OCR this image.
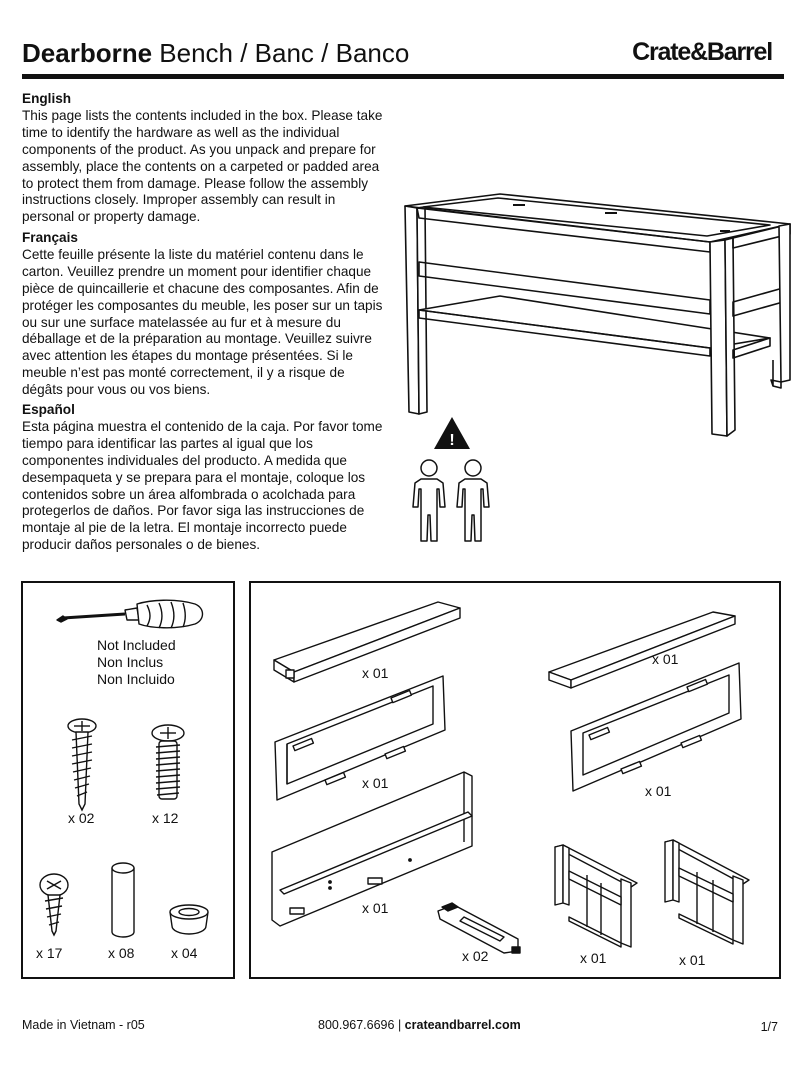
Dearborne Bench / Banc / Banco	Crate&Barrel
English

This page lists the contents included in the box. Please take time to identify the hardware as well as the individual components of the product. As you unpack and prepare for assembly, place the contents on a carpeted or padded area to protect them from damage. Please follow the assembly instructions closely. Improper assembly can result in personal or property damage.

Français

Cette feuille présente la liste du matériel contenu dans le carton. Veuillez prendre un moment pour identifier chaque pièce de quincaillerie et chacune des composantes. Afin de protéger les composantes du meuble, les poser sur un tapis ou sur une surface matelassée au fur et à mesure du déballage et de la préparation au montage. Veuillez suivre avec attention les étapes du montage présentées. Si le meuble n’est pas monté correctement, il y a risque de dégâts pour vous ou vos biens.

Español

Esta página muestra el contenido de la caja. Por favor tome tiempo para identificar las partes al igual que los componentes individuales del producto. A medida que desempaqueta y se prepara para el montaje, coloque los contenidos sobre un área alfombrada o acolchada para protegerlos de daños. Por favor siga las instrucciones de montaje al pie de la letra. El montaje incorrecto puede producir daños personales o de bienes.

!
Not Included
Non Inclus
Non Incluido
x 02	x 12
x 17	x 08	x 04
x 01
x 01
x 01	x 01
x 01
x 02	x 01	x 01
Made in Vietnam - r05	800.967.6696 | crateandbarrel.com	1/7
